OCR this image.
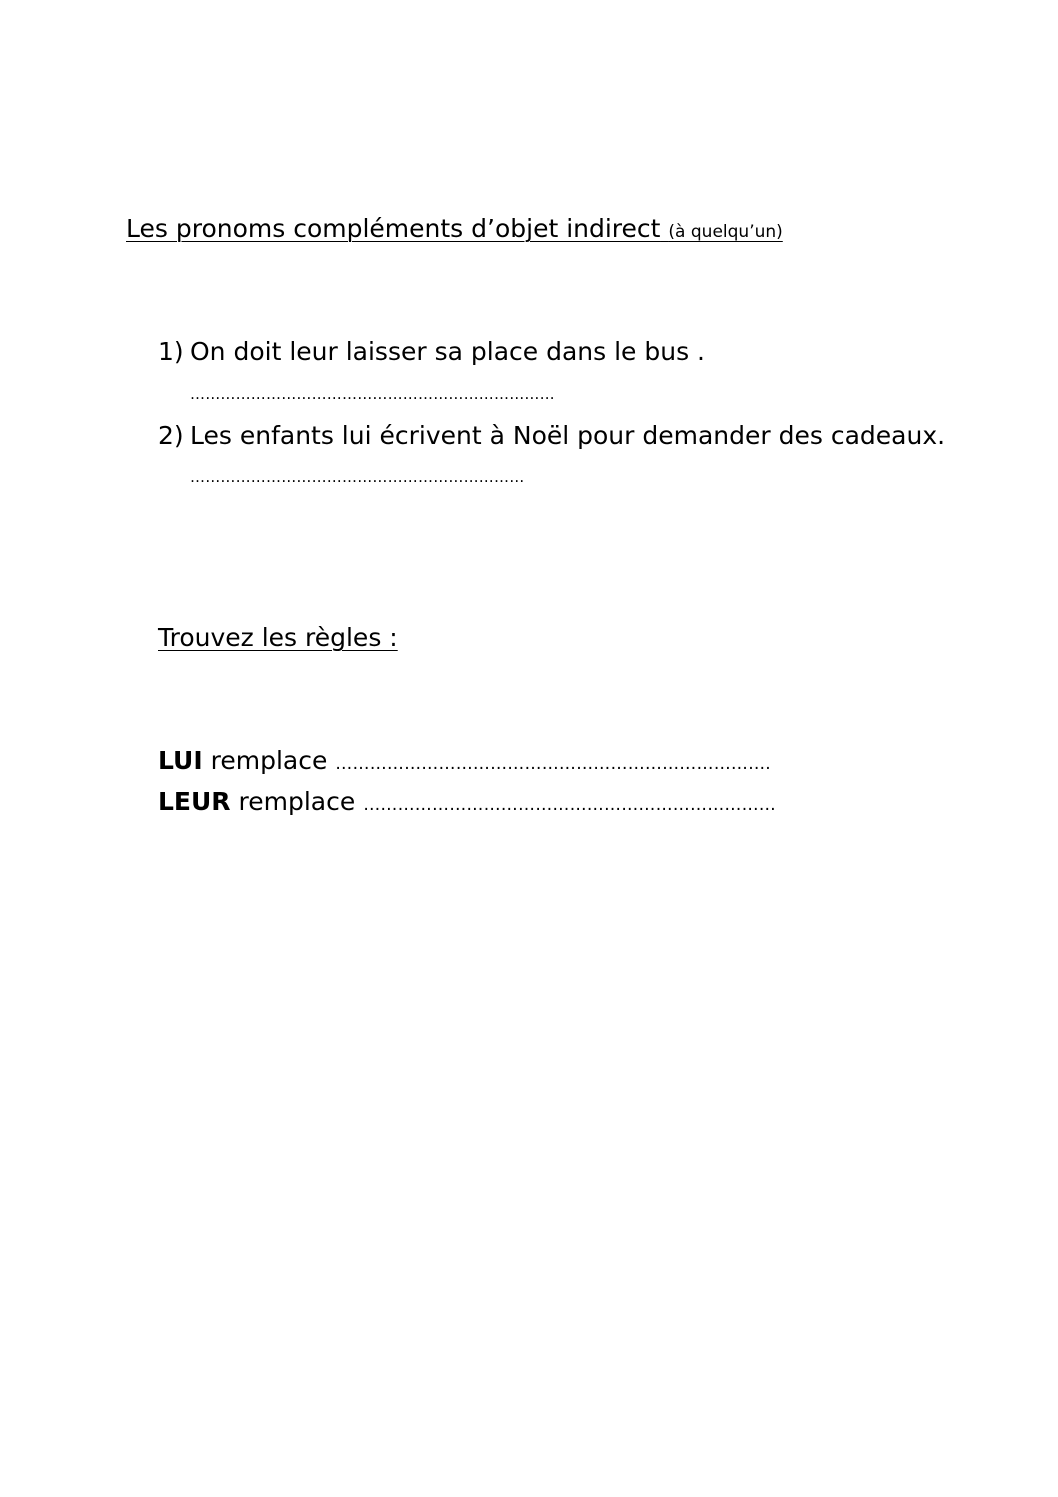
Les pronoms compléments d’objet indirect (à quelqu’un)
1) On doit leur laisser sa place dans le bus .
………………………………………………………………
2) Les enfants lui écrivent à Noël pour demander des cadeaux.
…………………………………………………………
Trouvez les règles :
LUI remplace ………………………………………………………………….
LEUR remplace ………………………………………………………………
